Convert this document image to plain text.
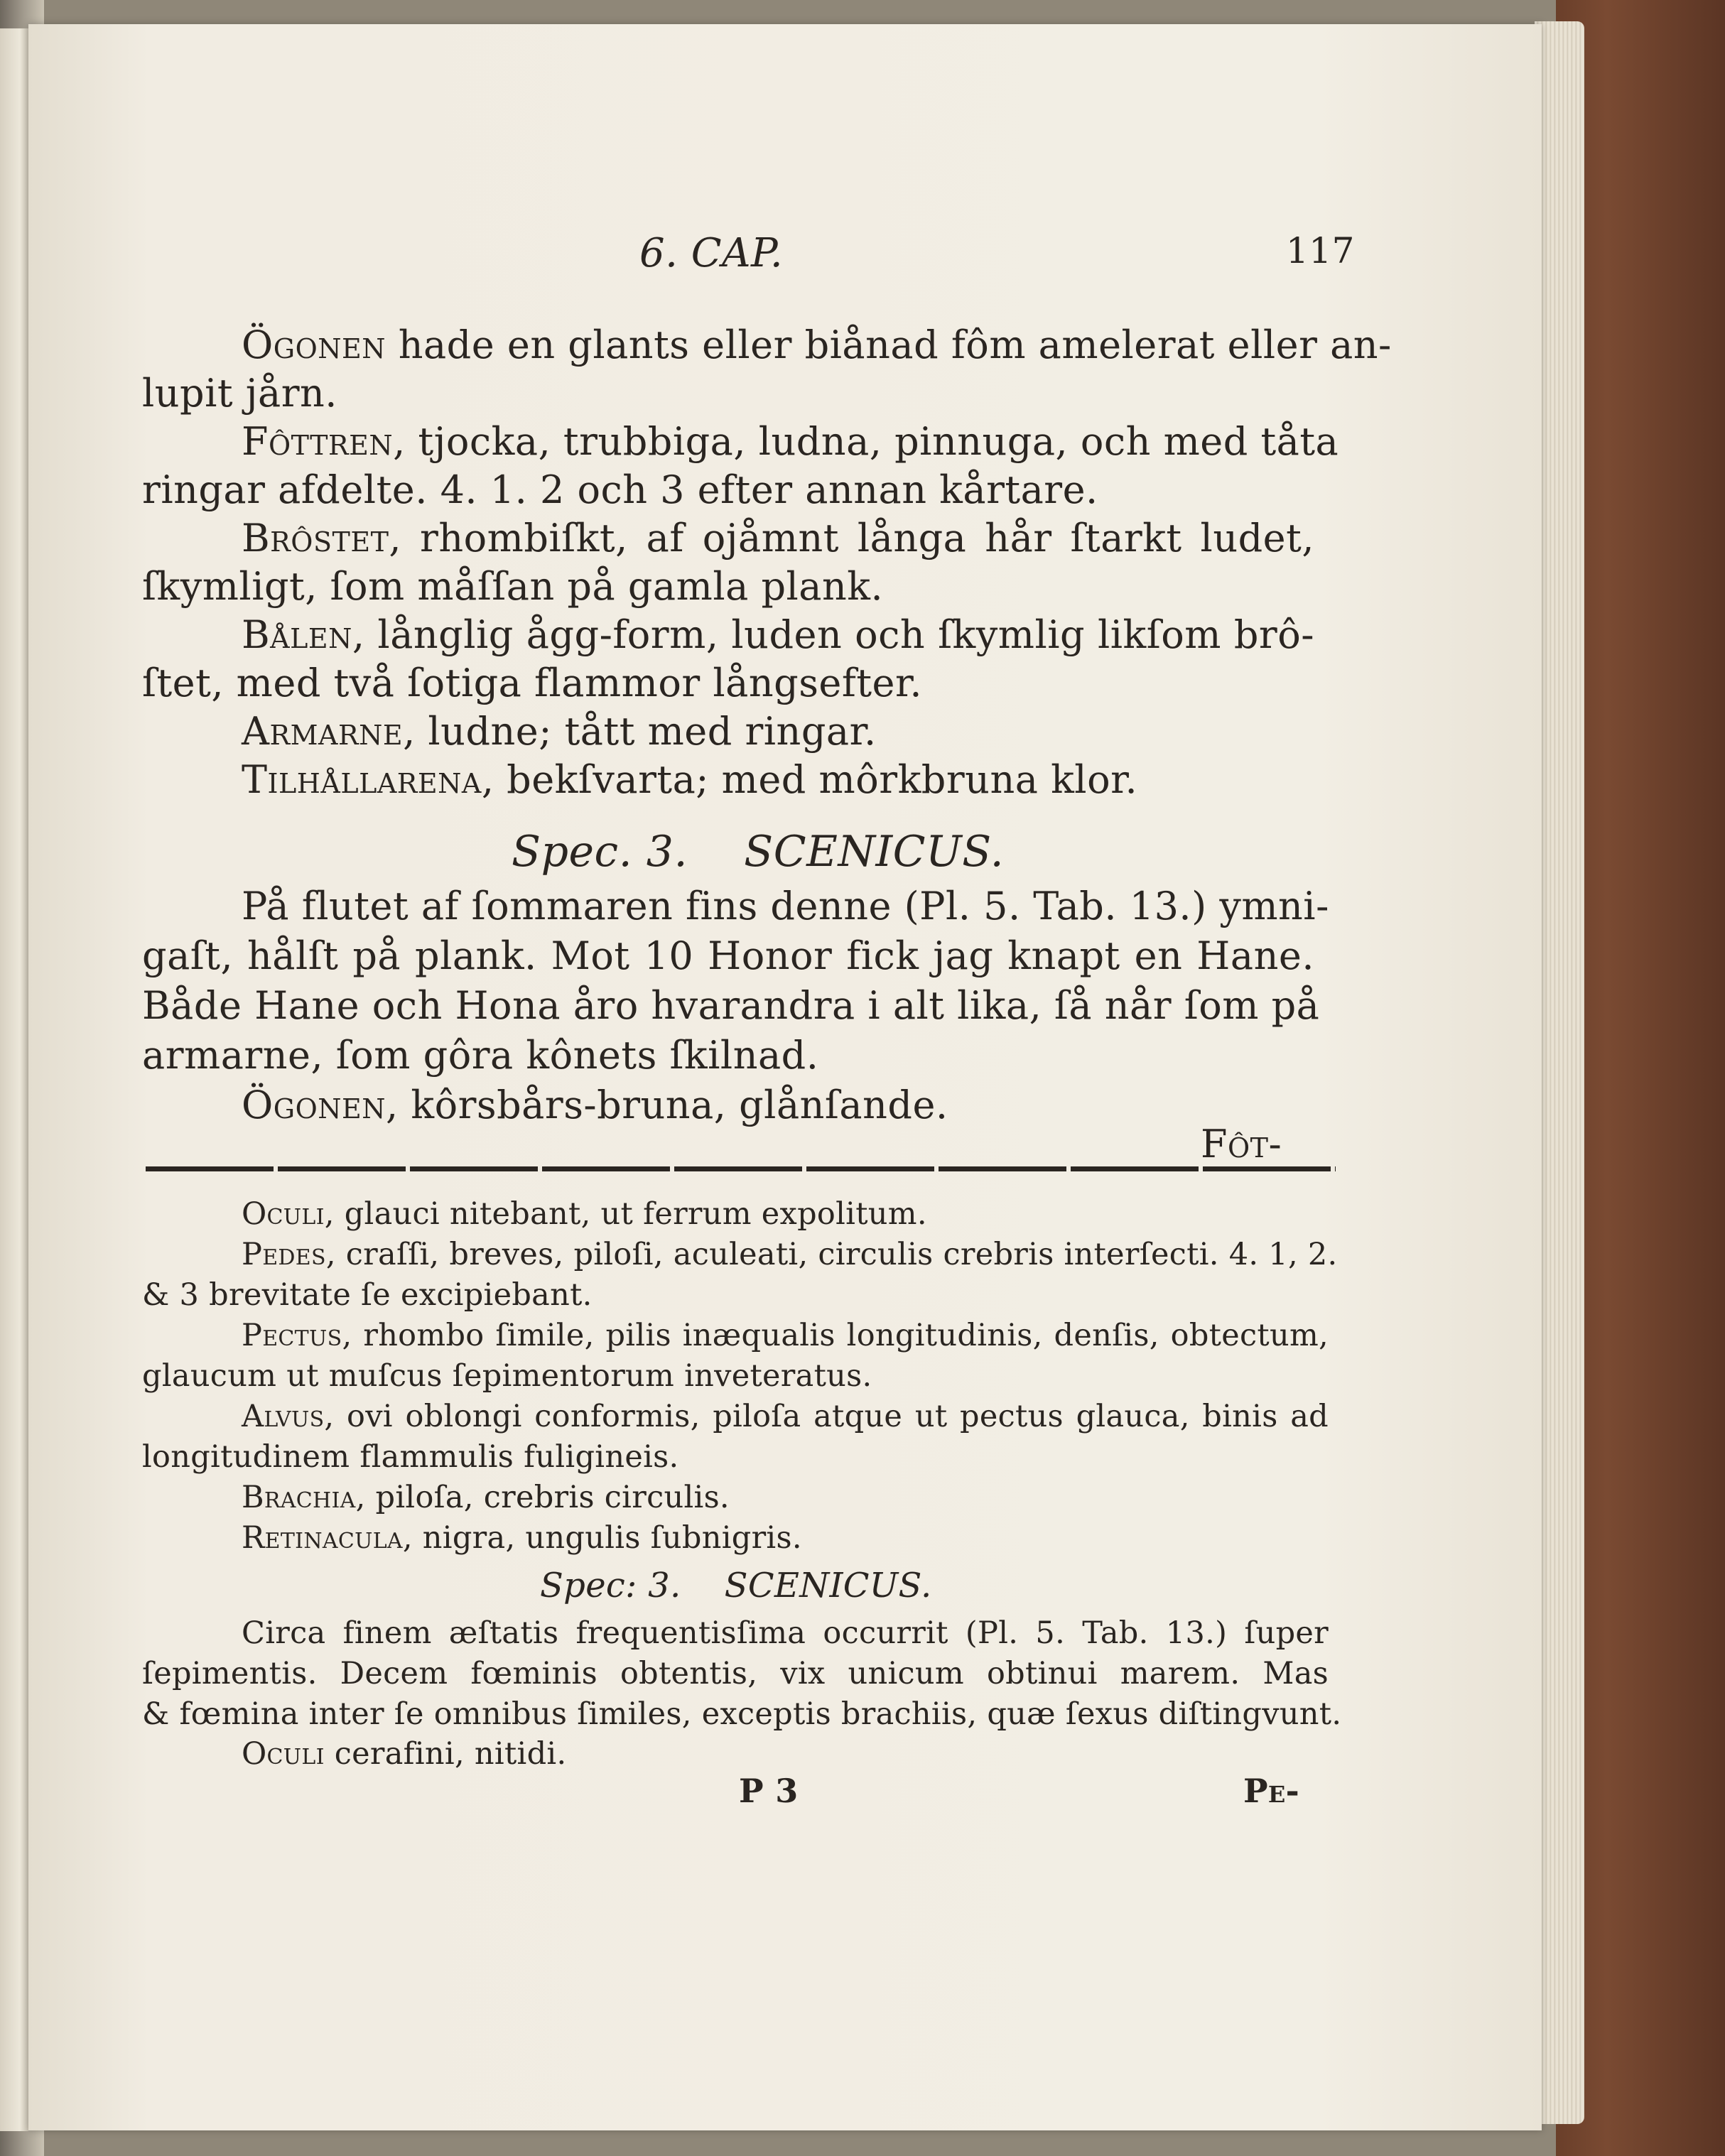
6. CAP.	117
Ögonen hade en glants eller biånad fôm amelerat eller an-
lupit jårn.
Fôttren, tjocka, trubbiga, ludna, pinnuga, och med tåta
ringar afdelte. 4. 1. 2 och 3 efter annan kårtare.
Brôstet, rhombiſkt, af ojåmnt långa hår ſtarkt ludet,
ſkymligt, ſom måſſan på gamla plank.
Bålen, långlig ågg-form, luden och ſkymlig likſom brô-
ſtet, med två ſotiga flammor långsefter.
Armarne, ludne; tått med ringar.
Tilhållarena, bekſvarta; med môrkbruna klor.
Spec. 3. SCENICUS.
På flutet af ſommaren fins denne (Pl. 5. Tab. 13.) ymni-
gaſt, hålſt på plank. Mot 10 Honor fick jag knapt en Hane.
Både Hane och Hona åro hvarandra i alt lika, ſå når ſom på
armarne, ſom gôra kônets ſkilnad.
Ögonen, kôrsbårs-bruna, glånſande.
Fôt-
Oculi, glauci nitebant, ut ferrum expolitum.
Pedes, craſſi, breves, piloſi, aculeati, circulis crebris interſecti. 4. 1, 2.
& 3 brevitate ſe excipiebant.
Pectus, rhombo ſimile, pilis inæqualis longitudinis, denſis, obtectum,
glaucum ut muſcus ſepimentorum inveteratus.
Alvus, ovi oblongi conformis, piloſa atque ut pectus glauca, binis ad
longitudinem flammulis fuligineis.
Brachia, piloſa, crebris circulis.
Retinacula, nigra, ungulis ſubnigris.
Spec: 3. SCENICUS.
Circa finem æſtatis frequentisſima occurrit (Pl. 5. Tab. 13.) ſuper
ſepimentis. Decem fœminis obtentis, vix unicum obtinui marem. Mas
& fœmina inter ſe omnibus ſimiles, exceptis brachiis, quæ ſexus diſtingvunt.
Oculi cerafini, nitidi.
P 3	Pe-
